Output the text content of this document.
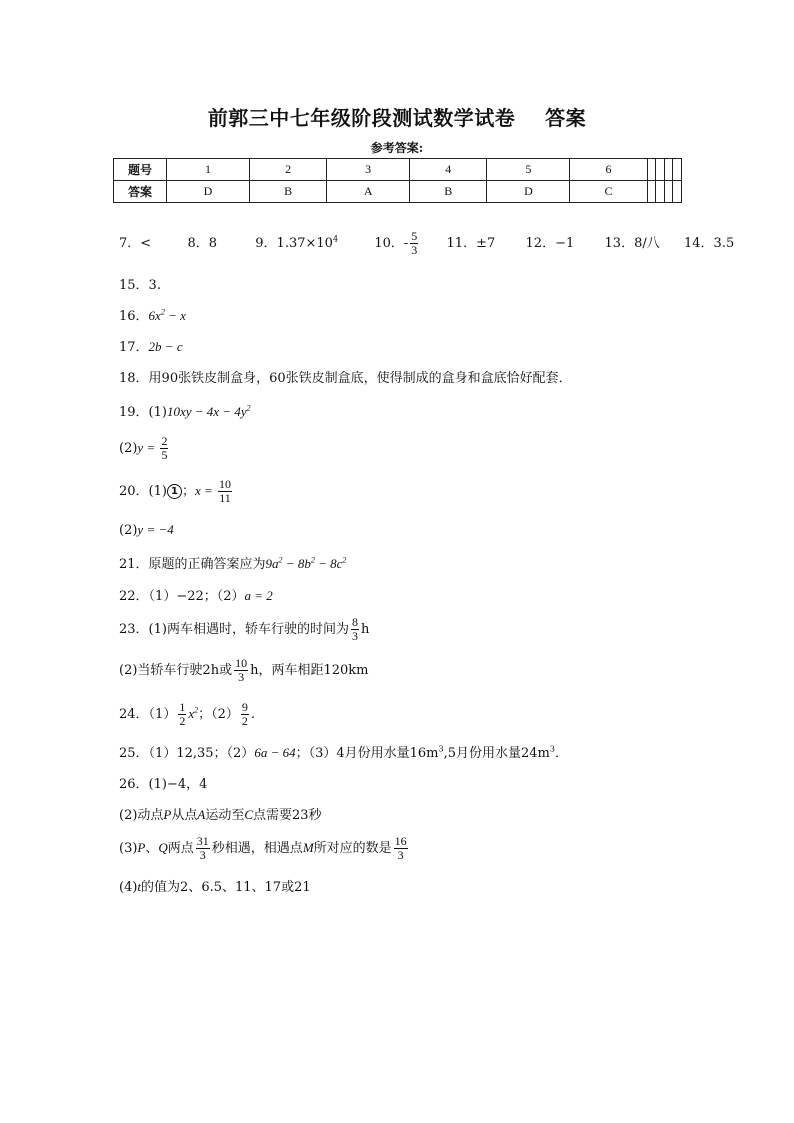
前郭三中七年级阶段测试数学试卷    答案
参考答案:
题号	1	2	3	4	5	6				
答案	D	B	A	B	D	C				
7．<	8．8	9．$1.37\times 10^4$	10．- $\frac{5}{3} 11$．±7 12．−1 13．8/八 14．3.5
15．3.
16．$6x^2 - x$
17．2b − c
18．用90张铁皮制盒身，60张铁皮制盒底，使得制成的盒身和盒底恰好配套．
19．$(1)10xy - 4x - 4y^2$
$(2)y = \frac{2}{5}$
20．(1) 1 ；$x = \frac{10}{11}$
(2)y = −4
21．原题的正确答案应为$9a^2 - 8b^2 - 8c^2$
22．（1）−22；（2）a = 2
23．(1)两车相遇时，轿车行驶的时间为 $\frac{8}{3}$ h
(2)当轿车行驶2h或 $\frac{10}{3}$ h，两车相距120km
24．$(1) \frac{1}{2} x^2$；$(2) \frac{9}{2}$ .
25．（1）12,35；（2）6a − 64；（3）4月份用水量$16m^3,5$月份用水量$24m^3$．
26．(1)−4，4
(2)动点P从点A运动至C点需要23秒
(3)P、Q两点 $\frac{31}{3}$ 秒相遇，相遇点M所对应的数是 $\frac{16}{3}$
(4)t的值为2、6.5、11、17或21
